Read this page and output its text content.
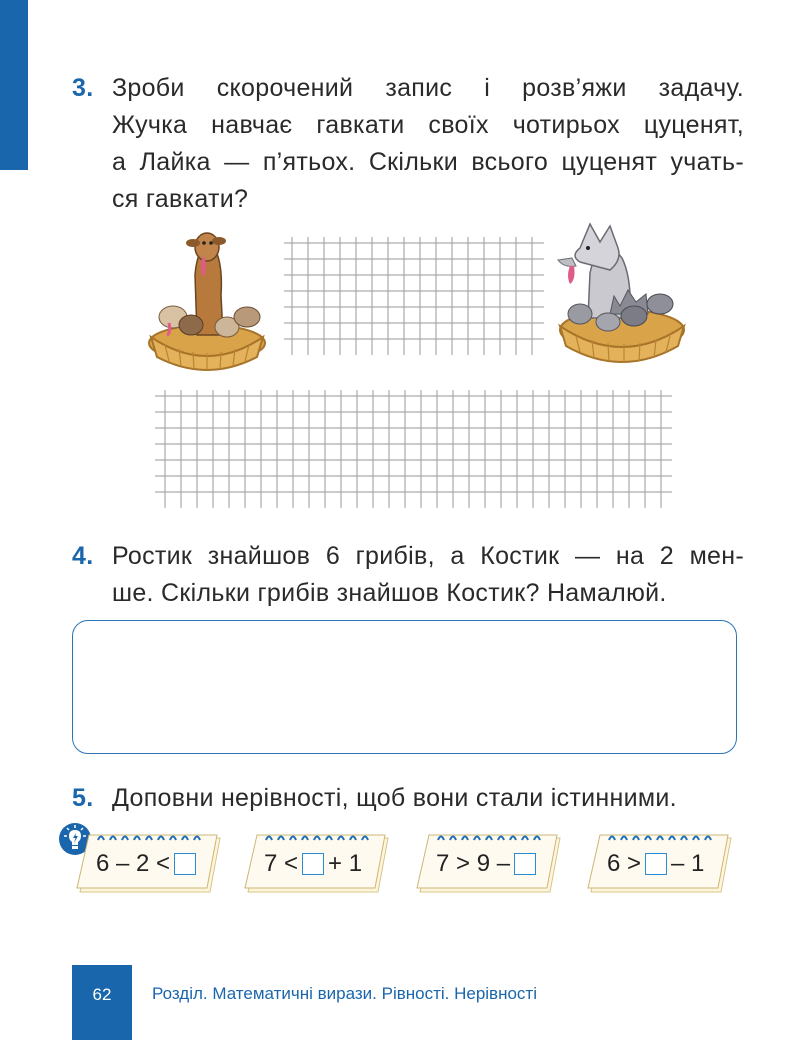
3. Зроби скорочений запис і розв’яжи задачу.
Жучка навчає гавкати своїх чотирьох цуценят,
а Лайка — п’ятьох. Скільки всього цуценят учать-
ся гавкати?
4. Ростик знайшов 6 грибів, а Костик — на 2 мен-
ше. Скільки грибів знайшов Костик? Намалюй.
5. Доповни нерівності, щоб вони стали істинними.
6 – 2 <	7 < + 1	7 > 9 –	6 > – 1
62	Розділ. Математичні вирази. Рівності. Нерівності
